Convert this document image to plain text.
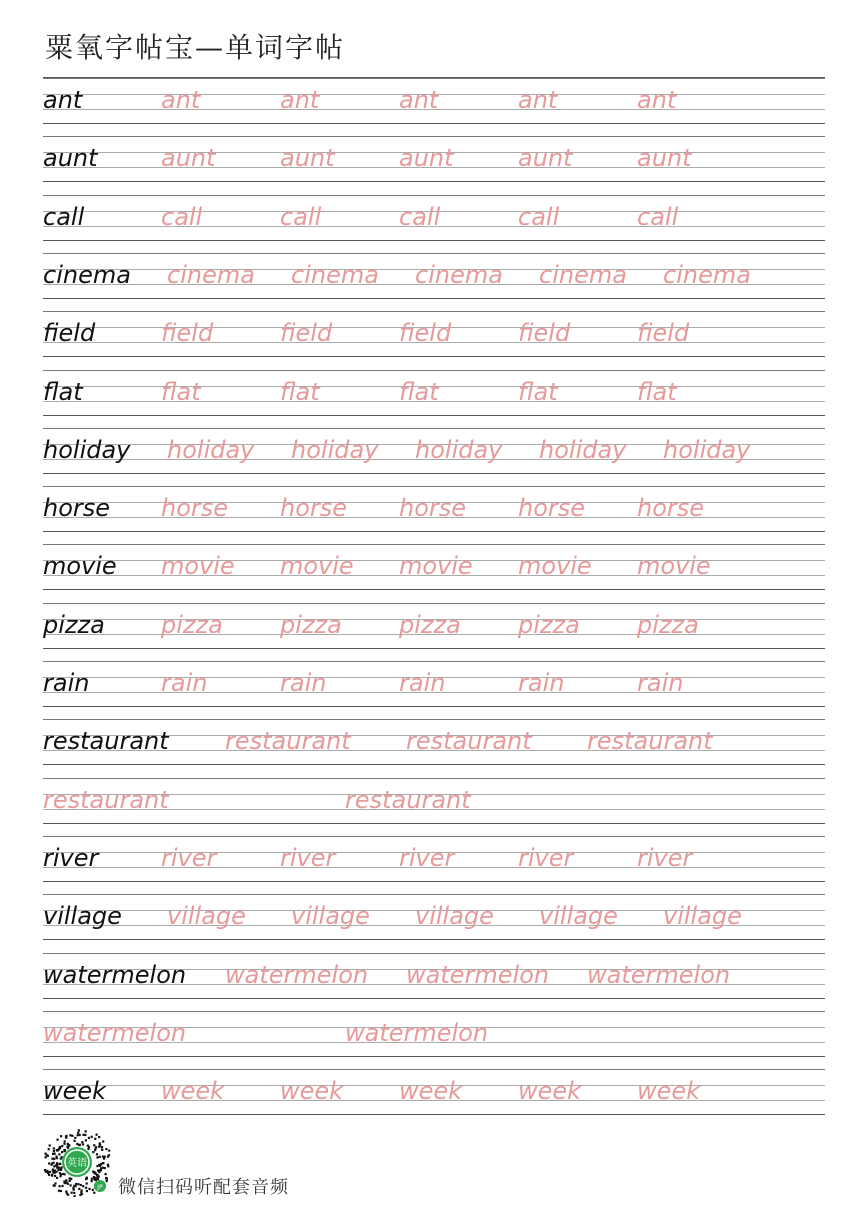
粟氧字帖宝—单词字帖
ant	ant	ant	ant	ant	ant
aunt	aunt	aunt	aunt	aunt	aunt
call	call	call	call	call	call
cinema cinema cinema cinema cinema cinema
field	field	field	field	field	field
flat	flat	flat	flat	flat	flat
holiday holiday holiday holiday holiday holiday
horse horse horse horse horse horse
movie movie movie movie movie movie
pizza pizza pizza pizza pizza pizza
rain	rain	rain	rain	rain	rain
restaurant restaurant restaurant restaurant
restaurant	restaurant
river	river	river	river	river	river
village village village village village village
watermelon watermelon watermelon watermelon
watermelon	watermelon
week week week week week week
英语
JP 微信扫码听配套音频
